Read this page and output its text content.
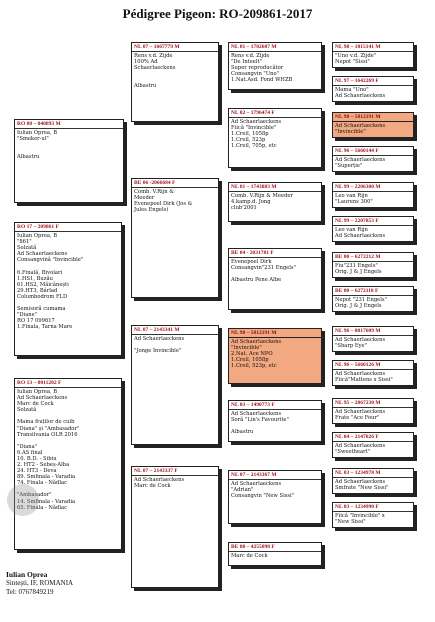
Pédigree Pigeon: RO-209861-2017
RO 08 – 040893 M
Iulian Oprea, B
"Smeker-ul"
Albastru
RO 17 – 209861 F
Iulian Oprea, B
"861"
Solzată
Ad Schaerlaeckens
Consangvină "Invincible"
6.Finală, Bivolari
1.HS1, Buzău
61.HS2, Măicănești
29.HT3, Bârlad
Columbodrom FLD
Semisoră cumama
"Diane"
RO 17 099617
1.Finala, Tarna Mare
RO 13 – 0011202 F
Iulian Oprea, B
Ad Schaerlaeckens
Marc de Cock
Solzată
Mama fraților de cuib
"Diana" și "Ambasador"
Transilvania OLR 2016
"Diana"
6.AS final
10. B.D. - Sibiu
2. HT2 - Sebeș-Alba
24. HT3 - Deva
89. Smfinala - Varadia
74. Finala - Nădlac
"Ambasador"
14. Smfinala - Varadia
65. Finala - Nădlac
NL 07 – 1667779 M
Rens v.d. Zijde
100% Ad
Schaerlaeckens
Albastru
BE 06 -2066684 F
Comb. V.Rijn &
Meeder
Evenepoel Dirk (Jos &
Jules Engels)
NL 07 – 2143341 M
Ad Schaerlaeckens
"Jonge Invincible"
NL 07 – 2143337 F
Ad Schaerlaeckens
Marc de Cock
NL 01 – 1702607 M
Rens v.d. Zijde
"De Inteelt"
Super reproducător
Consangvin "Uno"
1.Nat.Asd. Fond WHZB
NL 02 – 1796474 F
Ad Schaerlaeckens
Fiică "Invincible"
1.Creil, 1058p
1.Creil, 523p
1.Creil, 705p, etc
NL 01 – 1743883 M
Comb. V.Rijn & Meeder
4.kamp.d. Jong
club'2001
BE 04 - 2031781 F
Evenepoel Dirk
Consangvin"231 Engels"
Albastru Pene Albe
NL 98 – 5812191 M
Ad Schaerlaeckens
"Invincible"
2.Nat. Ace NPO
1.Creil, 1058p
1.Creil, 523p, etc
NL 03 – 1490773 F
Ad Schaerlaeckens
Soră "Lin's Favourite"
Albastru
NL 07 – 2143367 M
Ad Schaerlaeckens
"Adrian"
Consangvin "New Sissi"
BE 08 – 4255098 F
Marc de Cock
NL 98 – 1015141 M
"Uno v.d. Zijde"
Nepot "Sissi"
NL 97 – 1642269 F
Mama "Uno"
Ad Schaerlaeckens
NL 98 – 5812191 M
Ad Schaerlaeckens
"Invincible"
NL 96 – 5660144 F
Ad Schaerlaeckens
"Superție"
NL 99 – 2206300 M
Leo van Rijn
"Laurens 300"
NL 99 – 2207853 F
Leo van Rijn
Ad Schaerlaeckens
BE 00 – 6272212 M
Fiu"231 Engels"
Orig. J & J Engels
BE 00 – 6272118 F
Nepot "231 Engels"
Orig. J & J Engels
NL 96 – 8017609 M
Ad Schaerlaeckens
"Sharp Eye"
NL 96 – 5660126 M
Ad Schaerlaeckens
Fiică"Mattens x Sissi"
NL 95 – 2067230 M
Ad Schaerlaeckens
Frate "Ace Four"
NL 04 – 2147026 F
Ad Schaerlaeckens
"Sweetheart"
NL 03 – 1234978 M
Ad Schaerlaeckens
Smfrate "New Sissi"
NL 03 – 1234990 F
Fiică "Invincible" x
"New Sissi"
Iulian Oprea
Sintești, IF, ROMANIA
Tel: 0767849219
